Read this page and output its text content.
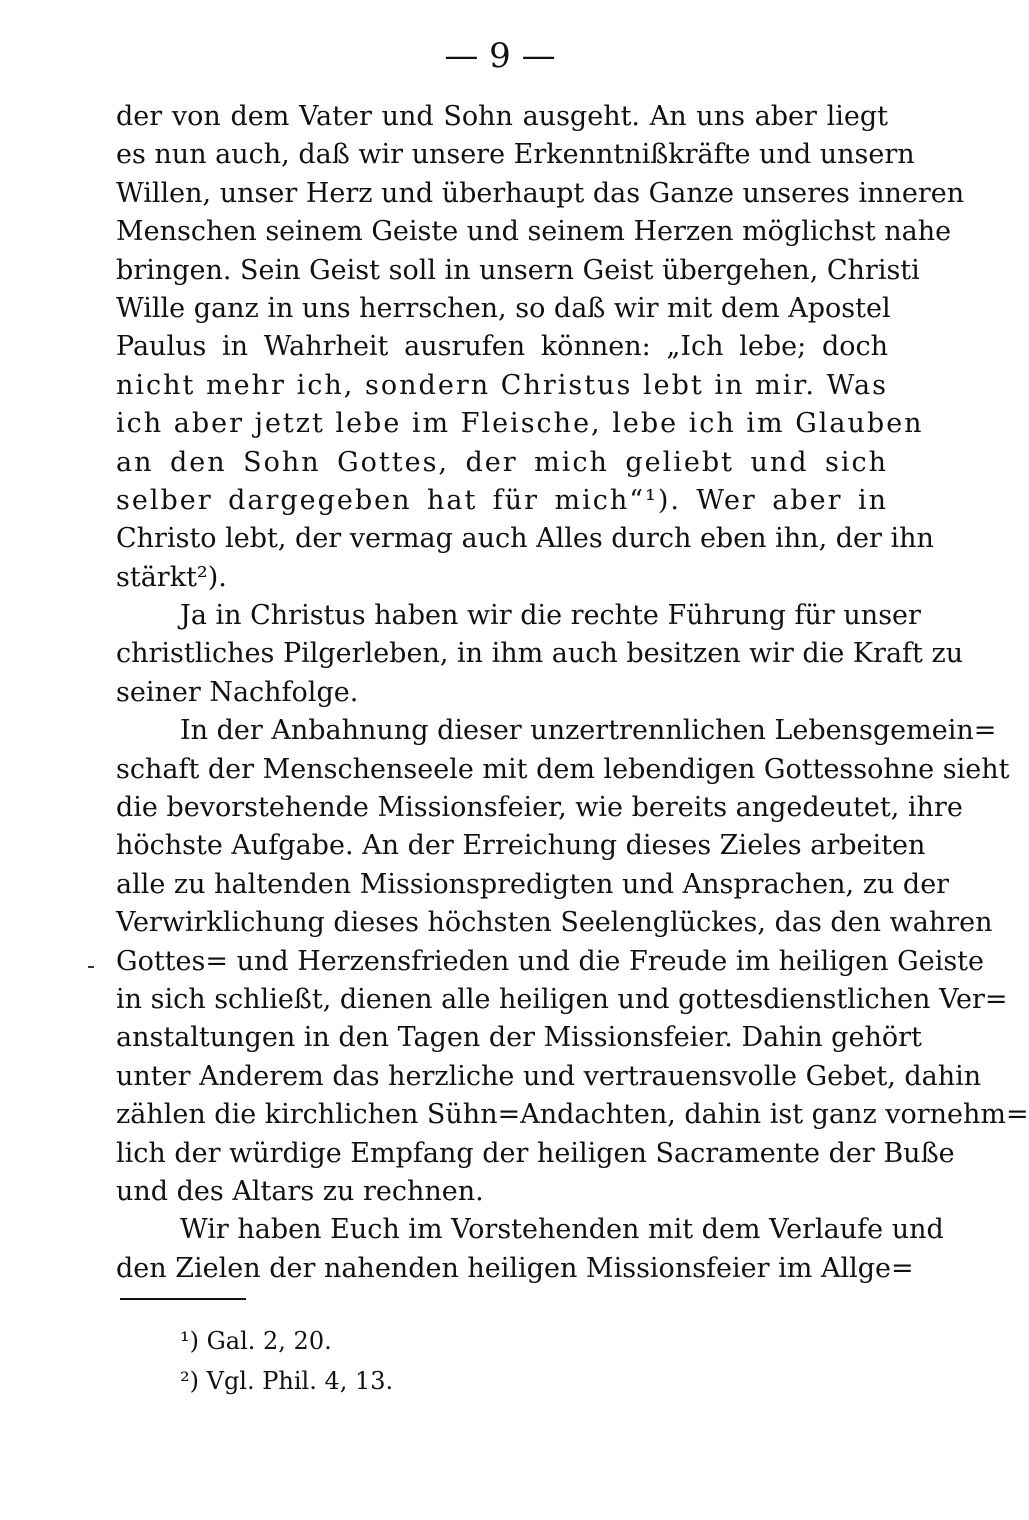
— 9 —
der von dem Vater und Sohn ausgeht. An uns aber liegt
es nun auch, daß wir unsere Erkenntnißkräfte und unsern
Willen, unser Herz und überhaupt das Ganze unseres inneren
Menschen seinem Geiste und seinem Herzen möglichst nahe
bringen. Sein Geist soll in unsern Geist übergehen, Christi
Wille ganz in uns herrschen, so daß wir mit dem Apostel
Paulus in Wahrheit ausrufen können: „Ich lebe; doch
nicht mehr ich, sondern Christus lebt in mir. Was
ich aber jetzt lebe im Fleische, lebe ich im Glauben
an den Sohn Gottes, der mich geliebt und sich
selber dargegeben hat für mich“¹). Wer aber in
Christo lebt, der vermag auch Alles durch eben ihn, der ihn
stärkt²).
Ja in Christus haben wir die rechte Führung für unser
christliches Pilgerleben, in ihm auch besitzen wir die Kraft zu
seiner Nachfolge.
In der Anbahnung dieser unzertrennlichen Lebensgemein=
schaft der Menschenseele mit dem lebendigen Gottessohne sieht
die bevorstehende Missionsfeier, wie bereits angedeutet, ihre
höchste Aufgabe. An der Erreichung dieses Zieles arbeiten
alle zu haltenden Missionspredigten und Ansprachen, zu der
Verwirklichung dieses höchsten Seelenglückes, das den wahren
Gottes= und Herzensfrieden und die Freude im heiligen Geiste
in sich schließt, dienen alle heiligen und gottesdienstlichen Ver=
anstaltungen in den Tagen der Missionsfeier. Dahin gehört
unter Anderem das herzliche und vertrauensvolle Gebet, dahin
zählen die kirchlichen Sühn=Andachten, dahin ist ganz vornehm=
lich der würdige Empfang der heiligen Sacramente der Buße
und des Altars zu rechnen.
Wir haben Euch im Vorstehenden mit dem Verlaufe und
den Zielen der nahenden heiligen Missionsfeier im Allge=
¹) Gal. 2, 20.
²) Vgl. Phil. 4, 13.
